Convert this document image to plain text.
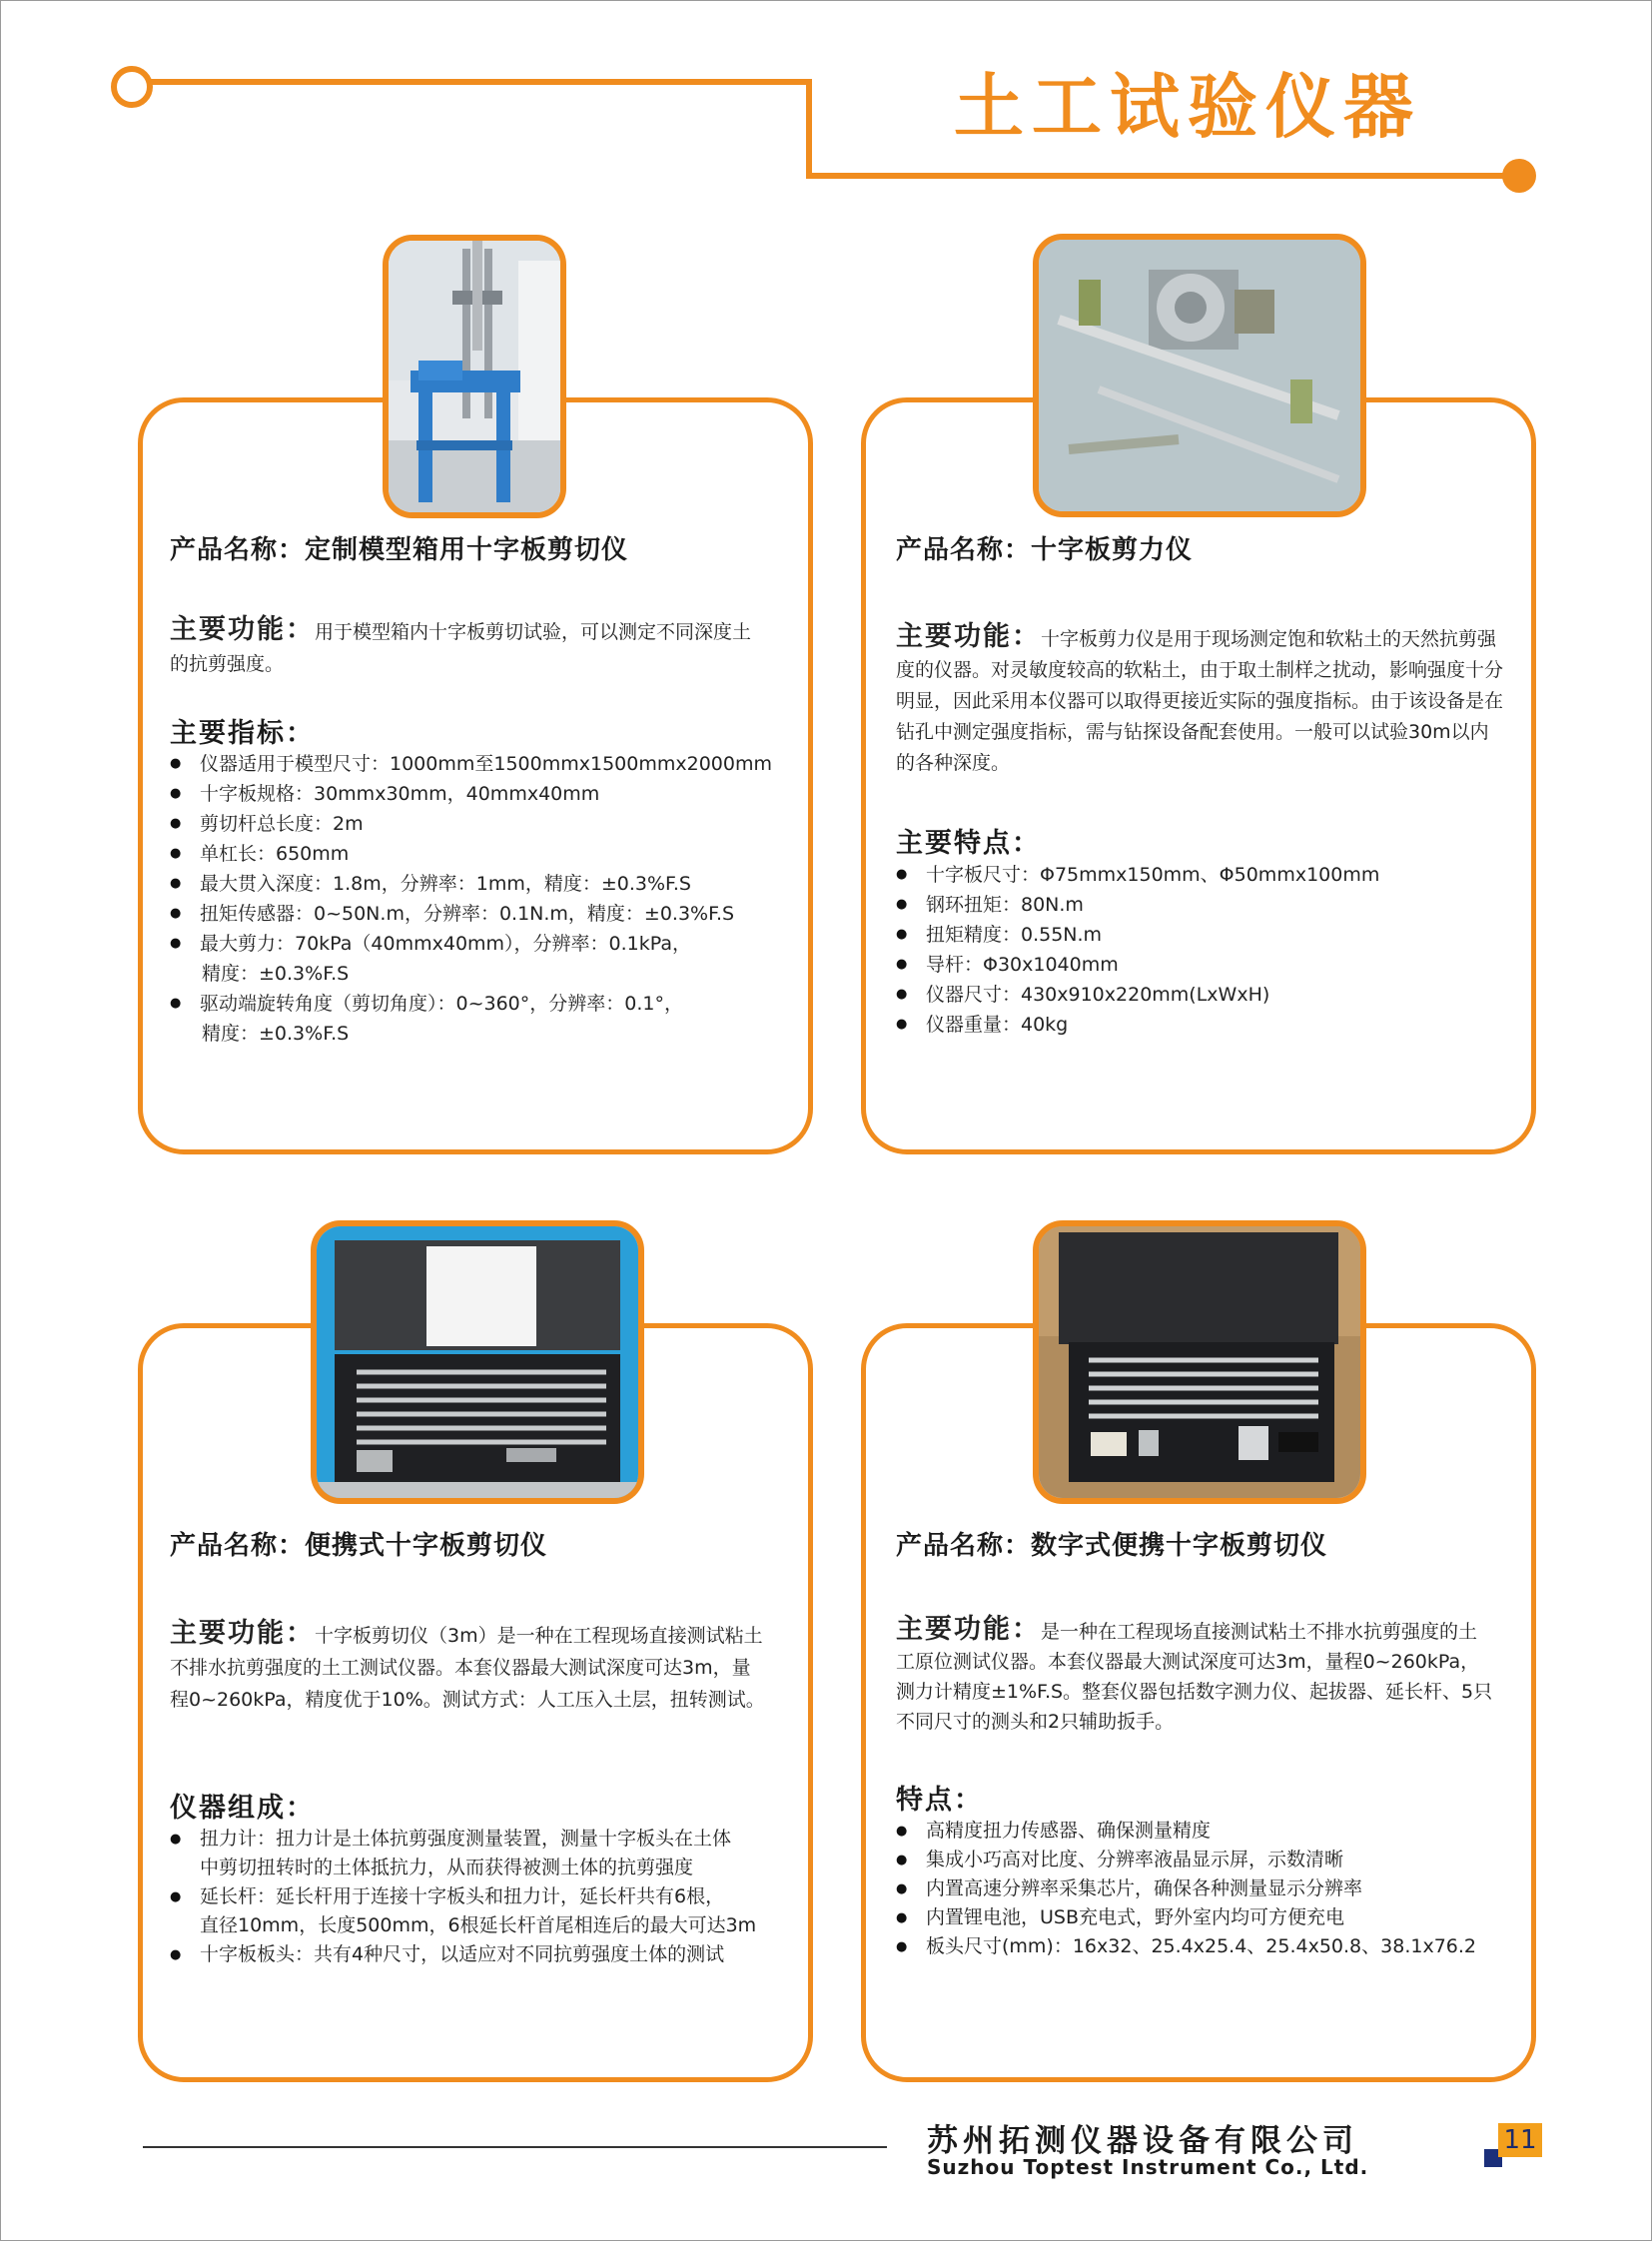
土工试验仪器
产品名称：定制模型箱用十字板剪切仪
主要功能：用于模型箱内十字板剪切试验，可以测定不同深度土的抗剪强度。
主要指标：
● 仪器适用于模型尺寸：1000mm至1500mmx1500mmx2000mm
● 十字板规格：30mmx30mm，40mmx40mm
● 剪切杆总长度：2m
● 单杠长：650mm
● 最大贯入深度：1.8m，分辨率：1mm，精度：±0.3%F.S
● 扭矩传感器：0~50N.m，分辨率：0.1N.m，精度：±0.3%F.S
● 最大剪力：70kPa（40mmx40mm），分辨率：0.1kPa，
精度：±0.3%F.S
● 驱动端旋转角度（剪切角度）：0~360°，分辨率：0.1°，
精度：±0.3%F.S
产品名称：十字板剪力仪
主要功能：十字板剪力仪是用于现场测定饱和软粘土的天然抗剪强度的仪器。对灵敏度较高的软粘土，由于取土制样之扰动，影响强度十分明显，因此采用本仪器可以取得更接近实际的强度指标。由于该设备是在钻孔中测定强度指标，需与钻探设备配套使用。一般可以试验30m以内的各种深度。
主要特点：
● 十字板尺寸：Φ75mmx150mm、Φ50mmx100mm
● 钢环扭矩：80N.m
● 扭矩精度：0.55N.m
● 导杆：Φ30x1040mm
● 仪器尺寸：430x910x220mm(LxWxH)
● 仪器重量：40kg
产品名称：便携式十字板剪切仪
主要功能：十字板剪切仪（3m）是一种在工程现场直接测试粘土不排水抗剪强度的土工测试仪器。本套仪器最大测试深度可达3m，量程0~260kPa，精度优于10%。测试方式：人工压入土层，扭转测试。
仪器组成：
● 扭力计：扭力计是土体抗剪强度测量装置，测量十字板头在土体
中剪切扭转时的土体抵抗力，从而获得被测土体的抗剪强度
● 延长杆：延长杆用于连接十字板头和扭力计，延长杆共有6根，
直径10mm，长度500mm，6根延长杆首尾相连后的最大可达3m
● 十字板板头：共有4种尺寸，以适应对不同抗剪强度土体的测试
产品名称：数字式便携十字板剪切仪
主要功能：是一种在工程现场直接测试粘土不排水抗剪强度的土工原位测试仪器。本套仪器最大测试深度可达3m，量程0~260kPa，测力计精度±1%F.S。整套仪器包括数字测力仪、起拔器、延长杆、5只不同尺寸的测头和2只辅助扳手。
特点：
● 高精度扭力传感器、确保测量精度
● 集成小巧高对比度、分辨率液晶显示屏，示数清晰
● 内置高速分辨率采集芯片，确保各种测量显示分辨率
● 内置锂电池，USB充电式，野外室内均可方便充电
● 板头尺寸(mm)：16x32、25.4x25.4、25.4x50.8、38.1x76.2
苏州拓测仪器设备有限公司
Suzhou Toptest Instrument Co., Ltd.
11
